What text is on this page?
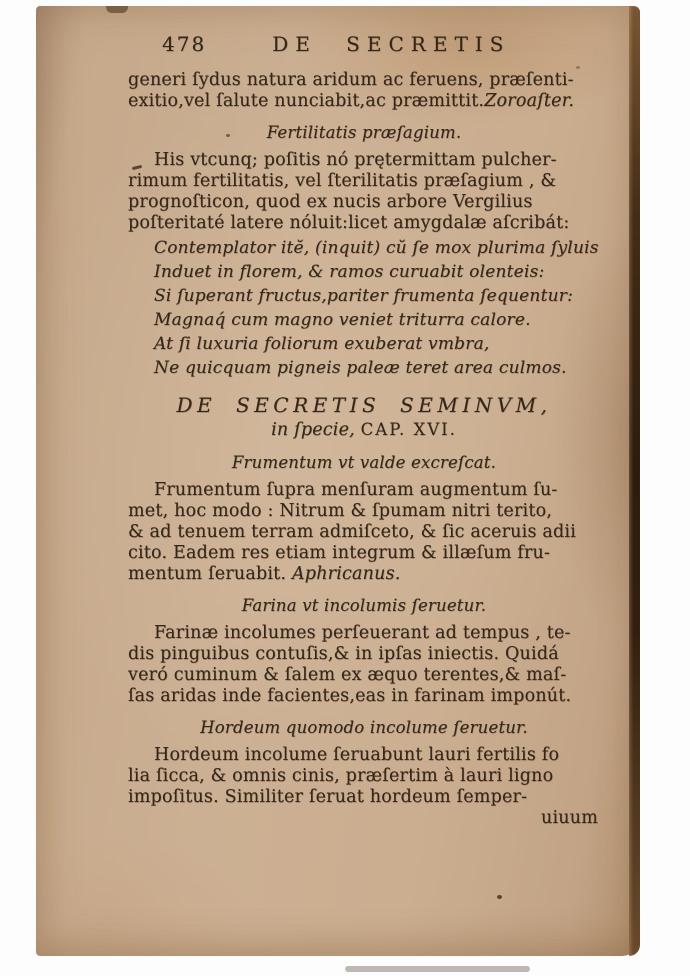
478	DE SECRETIS
generi ſydus natura aridum ac feruens, præſenti-
exitio,vel ſalute nunciabit,ac præmittit.Zoroaſter.
Fertilitatis præſagium.
His vtcunq; poſitis nó prętermittam pulcher-
rimum fertilitatis, vel ſterilitatis præſagium , &
prognoſticon, quod ex nucis arbore Vergilius
poſteritaté latere nóluit:licet amygdalæ aſcribát:
Contemplator itĕ, (inquit) cŭ ſe mox plurima ſyluis
Induet in florem, & ramos curuabit olenteis:
Si ſuperant fructus,pariter frumenta ſequentur:
Magnaq́ cum magno veniet triturra calore.
At ſi luxuria foliorum exuberat vmbra,
Ne quicquam pigneis paleæ teret area culmos.
DE SECRETIS SEMINVM,
in ſpecie, CAP. XVI.
Frumentum vt valde excreſcat.
Frumentum ſupra menſuram augmentum ſu-
met, hoc modo : Nitrum & ſpumam nitri terito,
& ad tenuem terram admiſceto, & ſic aceruis adii
cito. Eadem res etiam integrum & illæſum fru-
mentum ſeruabit. Aphricanus.
Farina vt incolumis ſeruetur.
Farinæ incolumes perſeuerant ad tempus , te-
dis pinguibus contuſis,& in ipſas iniectis. Quidá
veró cuminum & ſalem ex æquo terentes,& maſ-
ſas aridas inde facientes,eas in farinam imponút.
Hordeum quomodo incolume ſeruetur.
Hordeum incolume ſeruabunt lauri fertilis fo
lia ſicca, & omnis cinis, præſertim à lauri ligno
impoſitus. Similiter ſeruat hordeum ſemper-
uiuum
